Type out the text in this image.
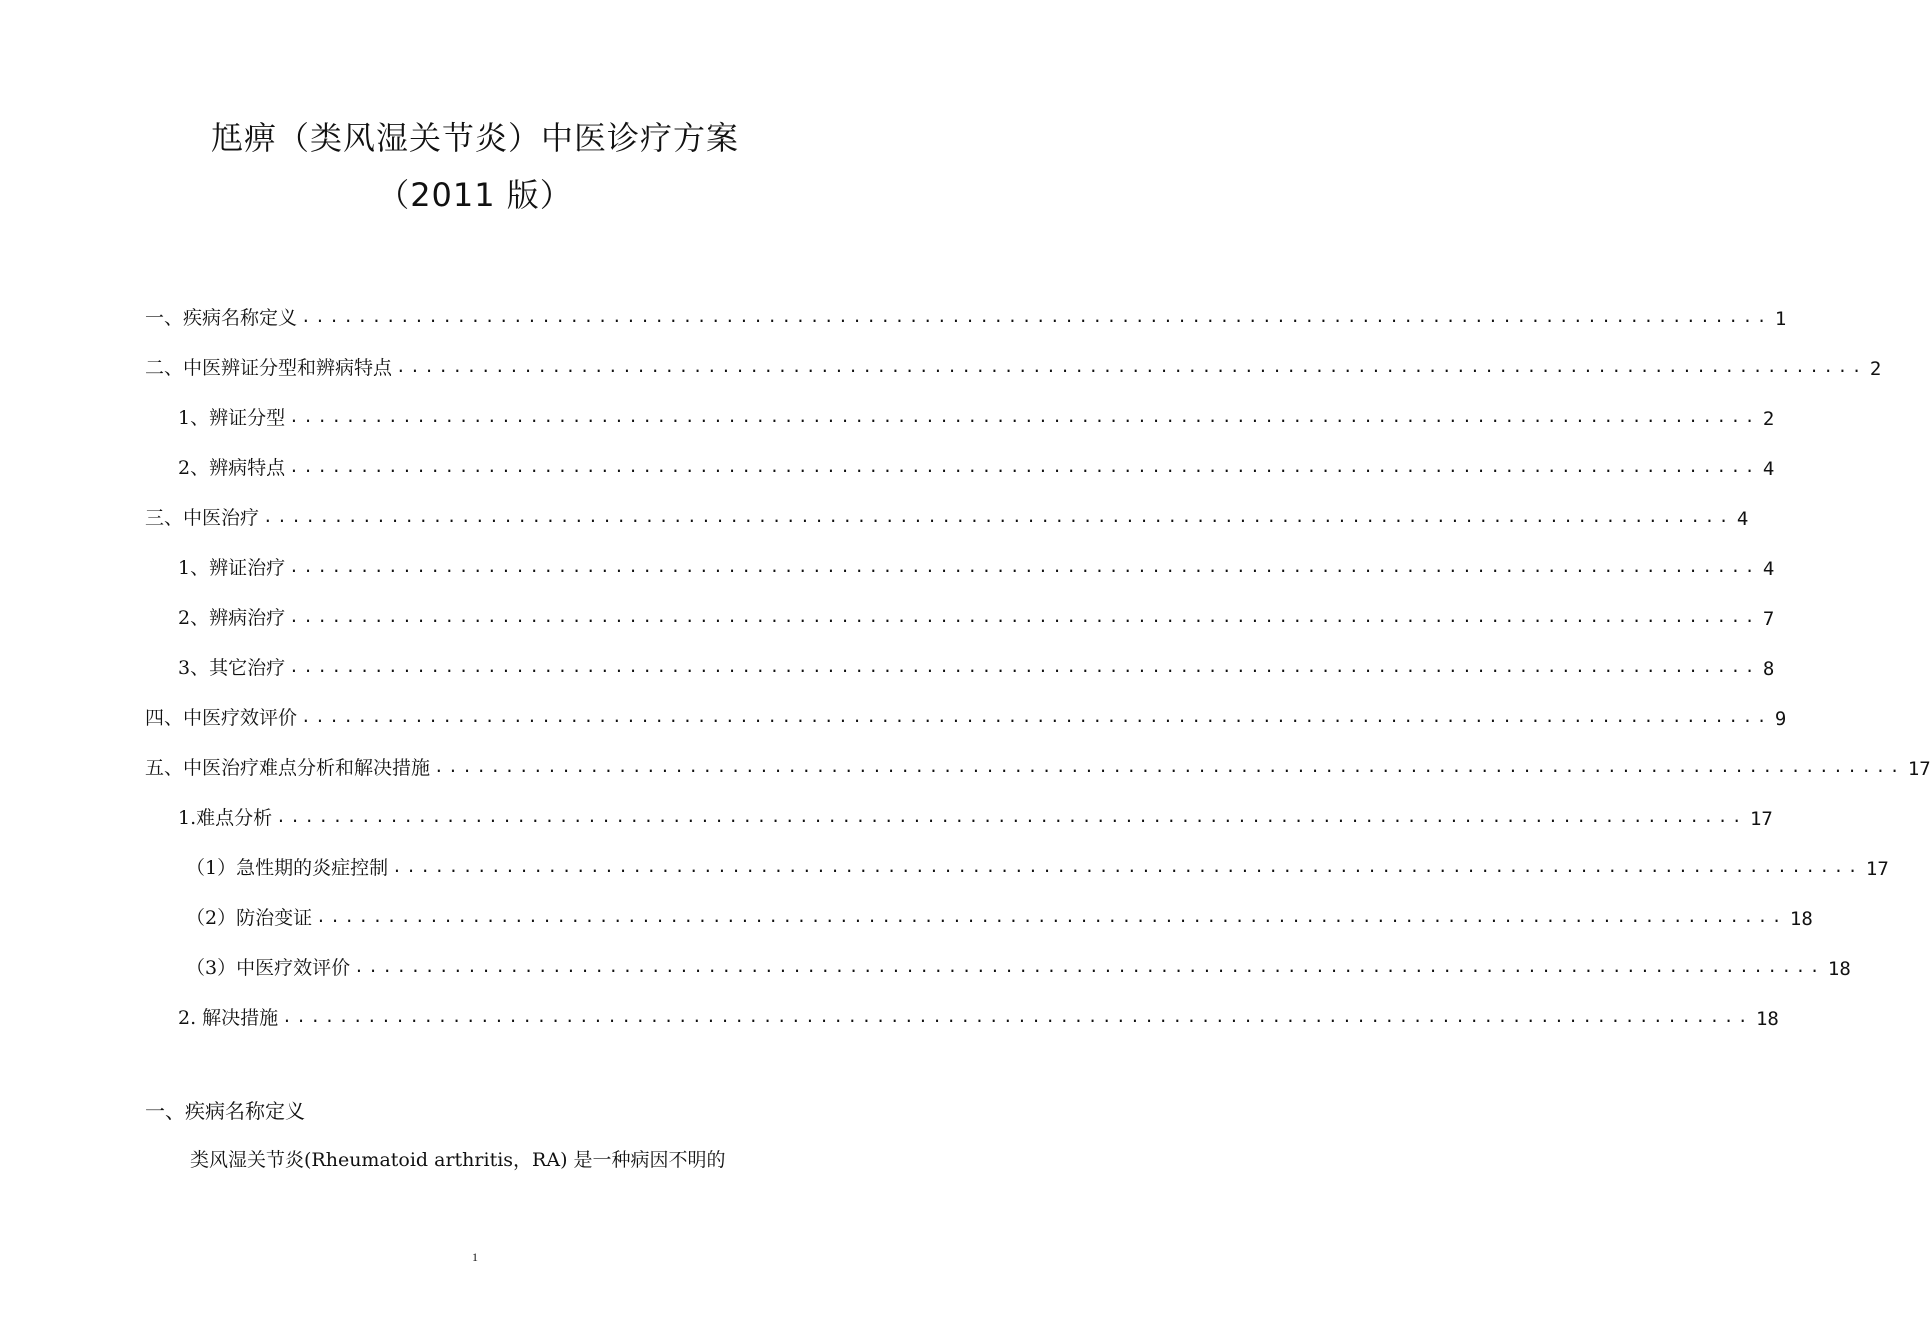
尪痹（类风湿关节炎）中医诊疗方案
（2011 版）
一、疾病名称定义 ........................................................................................................ 1
二、中医辨证分型和辨病特点 ........................................................................................................ 2
1、辨证分型 ........................................................................................................ 2
2、辨病特点 ........................................................................................................ 4
三、中医治疗 ........................................................................................................ 4
1、辨证治疗 ........................................................................................................ 4
2、辨病治疗 ........................................................................................................ 7
3、其它治疗 ........................................................................................................ 8
四、中医疗效评价 ........................................................................................................ 9
五、中医治疗难点分析和解决措施 ........................................................................................................ 17
1.难点分析 ........................................................................................................ 17
（1）急性期的炎症控制 ........................................................................................................ 17
（2）防治变证 ........................................................................................................ 18
（3）中医疗效评价 ........................................................................................................ 18
2. 解决措施 ........................................................................................................ 18
一、疾病名称定义
类风湿关节炎(Rheumatoid arthritis，RA) 是一种病因不明的
1
